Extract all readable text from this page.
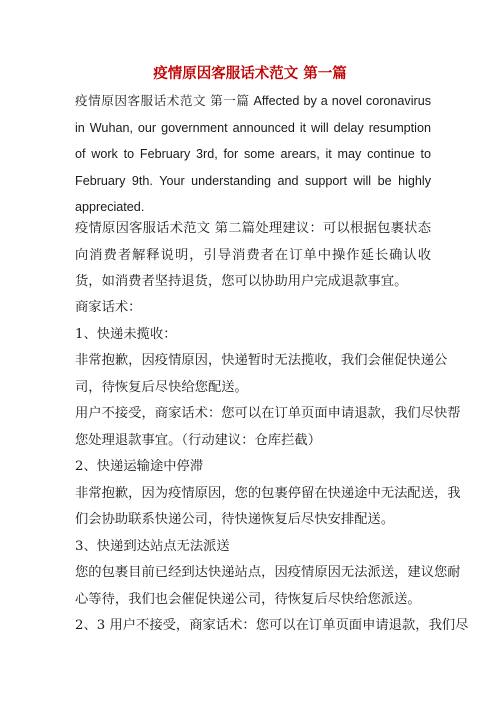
疫情原因客服话术范文 第一篇
疫情原因客服话术范文 第一篇 Affected by a novel coronavirus in Wuhan, our government announced it will delay resumption of work to February 3rd, for some arears, it may continue to February 9th. Your understanding and support will be highly appreciated.
疫情原因客服话术范文 第二篇处理建议：可以根据包裹状态向消费者解释说明，引导消费者在订单中操作延长确认收货，如消费者坚持退货，您可以协助用户完成退款事宜。
商家话术：
1、快递未揽收：
非常抱歉，因疫情原因，快递暂时无法揽收，我们会催促快递公
司，待恢复后尽快给您配送。
用户不接受，商家话术：您可以在订单页面申请退款，我们尽快帮
您处理退款事宜。（行动建议：仓库拦截）
2、快递运输途中停滞
非常抱歉，因为疫情原因，您的包裹停留在快递途中无法配送，我
们会协助联系快递公司，待快递恢复后尽快安排配送。
3、快递到达站点无法派送
您的包裹目前已经到达快递站点，因疫情原因无法派送，建议您耐
心等待，我们也会催促快递公司，待恢复后尽快给您派送。
2、3 用户不接受，商家话术：您可以在订单页面申请退款，我们尽
